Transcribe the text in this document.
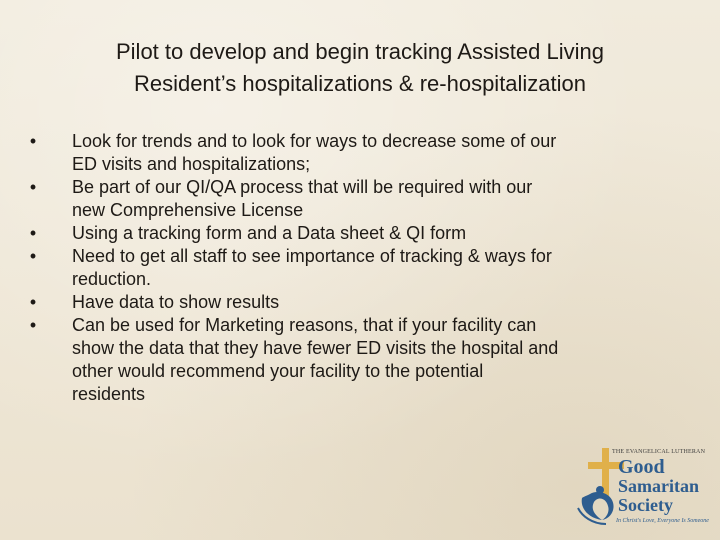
Pilot to develop and begin tracking Assisted Living
Resident’s hospitalizations & re-hospitalization
• Look for trends and to look for ways to decrease some of our
ED visits and hospitalizations;
• Be part of our QI/QA process that will be required with our
new Comprehensive License
• Using a tracking form and a Data sheet & QI form
• Need to get all staff to see importance of tracking & ways for
reduction.
• Have data to show results
• Can be used for Marketing reasons, that if your facility can
show the data that they have fewer ED visits the hospital and
other would recommend your facility to the potential
residents

THE EVANGELICAL LUTHERAN

Good

Samaritan

Society

In Christ's Love, Everyone Is Someone
